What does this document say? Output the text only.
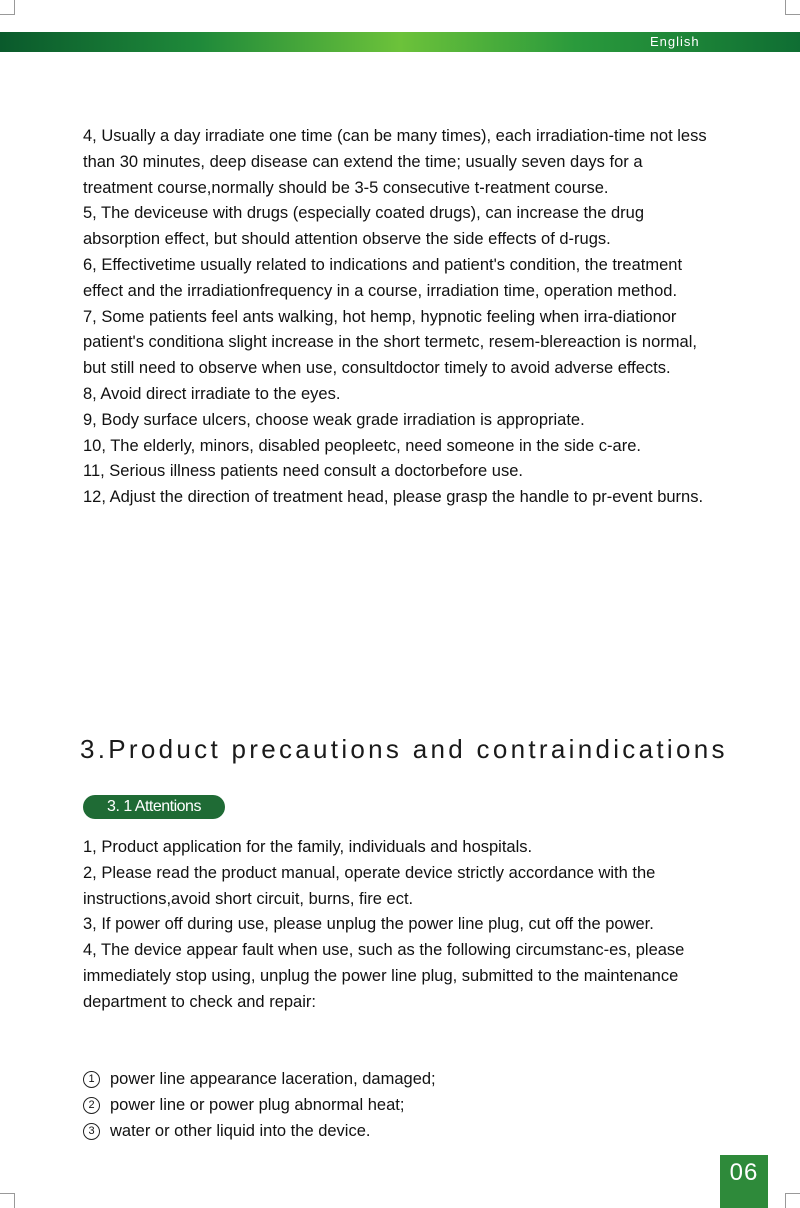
English

4, Usually a day irradiate one time (can be many times), each irradiation-time not less than 30 minutes, deep disease can extend the time; usually seven days for a treatment course,normally should be 3-5 consecutive t-reatment course.

5, The deviceuse with drugs (especially coated drugs), can increase the drug absorption effect, but should attention observe the side effects of d-rugs.

6, Effectivetime usually related to indications and patient's condition, the treatment effect and the irradiationfrequency in a course, irradiation time, operation method.

7, Some patients feel ants walking, hot hemp, hypnotic feeling when irra-diationor patient's conditiona slight increase in the short termetc, resem-blereaction is normal, but still need to observe when use, consultdoctor timely to avoid adverse effects.

8, Avoid direct irradiate to the eyes.

9, Body surface ulcers, choose weak grade irradiation is appropriate.

10, The elderly, minors, disabled peopleetc, need someone in the side c-are.

11, Serious illness patients need consult a doctorbefore use.

12, Adjust the direction of treatment head, please grasp the handle to pr-event burns.

3.Product precautions and contraindications
3. 1 Attentions

1, Product application for the family, individuals and hospitals.

2, Please read the product manual, operate device strictly accordance with the instructions,avoid short circuit, burns, fire ect.

3, If power off during use, please unplug the power line plug, cut off the power.

4, The device appear fault when use, such as the following circumstanc-es, please immediately stop using, unplug the power line plug, submitted to the maintenance department to check and repair:

1 power line appearance laceration, damaged;

2 power line or power plug abnormal heat;

3 water or other liquid into the device.

06
